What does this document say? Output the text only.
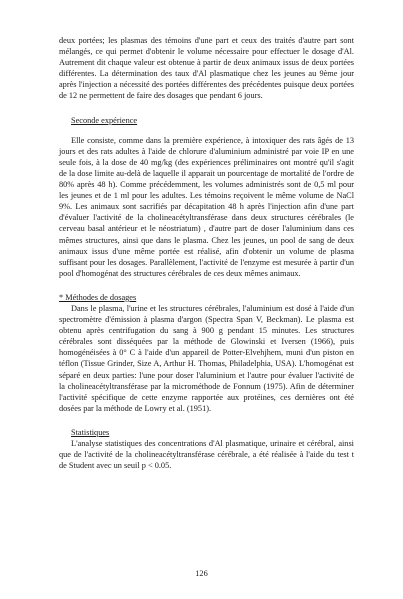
deux portées; les plasmas des témoins d'une part et ceux des traités d'autre part sont mélangés, ce qui permet d'obtenir le volume nécessaire pour effectuer le dosage d'Al. Autrement dit chaque valeur est obtenue à partir de deux animaux issus de deux portées différentes. La détermination des taux d'Al plasmatique chez les jeunes au 9ème jour après l'injection a nécessité des portées différentes des précédentes puisque deux portées de 12 ne permettent de faire des dosages que pendant 6 jours.

Seconde expérience

Elle consiste, comme dans la première expérience, à intoxiquer des rats âgés de 13 jours et des rats adultes à l'aide de chlorure d'aluminium administré par voie IP en une seule fois, à la dose de 40 mg/kg (des expériences préliminaires ont montré qu'il s'agit de la dose limite au-delà de laquelle il apparait un pourcentage de mortalité de l'ordre de 80% après 48 h). Comme précédemment, les volumes administrés sont de 0,5 ml pour les jeunes et de 1 ml pour les adultes. Les témoins reçoivent le même volume de NaCl 9%. Les animaux sont sacrifiés par décapitation 48 h après l'injection afin d'une part d'évaluer l'activité de la cholineacétyltransférase dans deux structures cérébrales (le cerveau basal antérieur et le néostriatum) , d'autre part de doser l'aluminium dans ces mêmes structures, ainsi que dans le plasma. Chez les jeunes, un pool de sang de deux animaux issus d'une même portée est réalisé, afin d'obtenir un volume de plasma suffisant pour les dosages. Parallèlement, l'activité de l'enzyme est mesurée à partir d'un pool d'homogénat des structures cérébrales de ces deux mêmes animaux.

* Méthodes de dosages

Dans le plasma, l'urine et les structures cérébrales, l'aluminium est dosé à l'aide d'un spectromètre d'émission à plasma d'argon (Spectra Span V, Beckman). Le plasma est obtenu après centrifugation du sang à 900 g pendant 15 minutes. Les structures cérébrales sont disséquées par la méthode de Glowinski et Iversen (1966), puis homogénéisées à 0° C à l'aide d'un appareil de Potter-Elvehjhem, muni d'un piston en téflon (Tissue Grinder, Size A, Arthur H. Thomas, Philadelphia, USA). L'homogénat est séparé en deux parties: l'une pour doser l'aluminium et l'autre pour évaluer l'activité de la cholineacétyltransférase par la microméthode de Fonnum (1975). Afin de déterminer l'activité spécifique de cette enzyme rapportée aux protéines, ces dernières ont été dosées par la méthode de Lowry et al. (1951).

Statistiques

L'analyse statistiques des concentrations d'Al plasmatique, urinaire et cérébral, ainsi que de l'activité de la cholineacétyltransférase cérébrale, a été réalisée à l'aide du test t de Student avec un seuil p < 0.05.

126
